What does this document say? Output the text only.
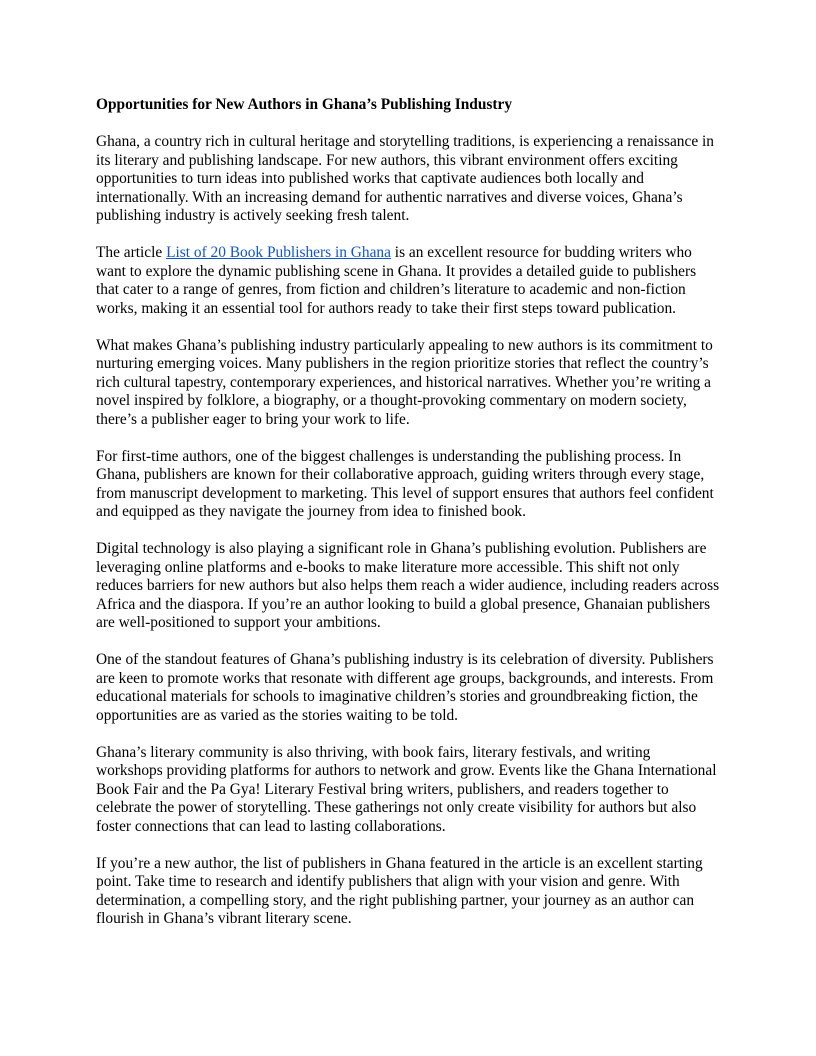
Opportunities for New Authors in Ghana’s Publishing Industry

Ghana, a country rich in cultural heritage and storytelling traditions, is experiencing a renaissance in its literary and publishing landscape. For new authors, this vibrant environment offers exciting opportunities to turn ideas into published works that captivate audiences both locally and internationally. With an increasing demand for authentic narratives and diverse voices, Ghana’s publishing industry is actively seeking fresh talent.

The article List of 20 Book Publishers in Ghana is an excellent resource for budding writers who want to explore the dynamic publishing scene in Ghana. It provides a detailed guide to publishers that cater to a range of genres, from fiction and children’s literature to academic and non-fiction works, making it an essential tool for authors ready to take their first steps toward publication.

What makes Ghana’s publishing industry particularly appealing to new authors is its commitment to nurturing emerging voices. Many publishers in the region prioritize stories that reflect the country’s rich cultural tapestry, contemporary experiences, and historical narratives. Whether you’re writing a novel inspired by folklore, a biography, or a thought-provoking commentary on modern society, there’s a publisher eager to bring your work to life.

For first-time authors, one of the biggest challenges is understanding the publishing process. In Ghana, publishers are known for their collaborative approach, guiding writers through every stage, from manuscript development to marketing. This level of support ensures that authors feel confident and equipped as they navigate the journey from idea to finished book.

Digital technology is also playing a significant role in Ghana’s publishing evolution. Publishers are leveraging online platforms and e-books to make literature more accessible. This shift not only reduces barriers for new authors but also helps them reach a wider audience, including readers across Africa and the diaspora. If you’re an author looking to build a global presence, Ghanaian publishers are well-positioned to support your ambitions.

One of the standout features of Ghana’s publishing industry is its celebration of diversity. Publishers are keen to promote works that resonate with different age groups, backgrounds, and interests. From educational materials for schools to imaginative children’s stories and groundbreaking fiction, the opportunities are as varied as the stories waiting to be told.

Ghana’s literary community is also thriving, with book fairs, literary festivals, and writing workshops providing platforms for authors to network and grow. Events like the Ghana International Book Fair and the Pa Gya! Literary Festival bring writers, publishers, and readers together to celebrate the power of storytelling. These gatherings not only create visibility for authors but also foster connections that can lead to lasting collaborations.

If you’re a new author, the list of publishers in Ghana featured in the article is an excellent starting point. Take time to research and identify publishers that align with your vision and genre. With determination, a compelling story, and the right publishing partner, your journey as an author can flourish in Ghana’s vibrant literary scene.
